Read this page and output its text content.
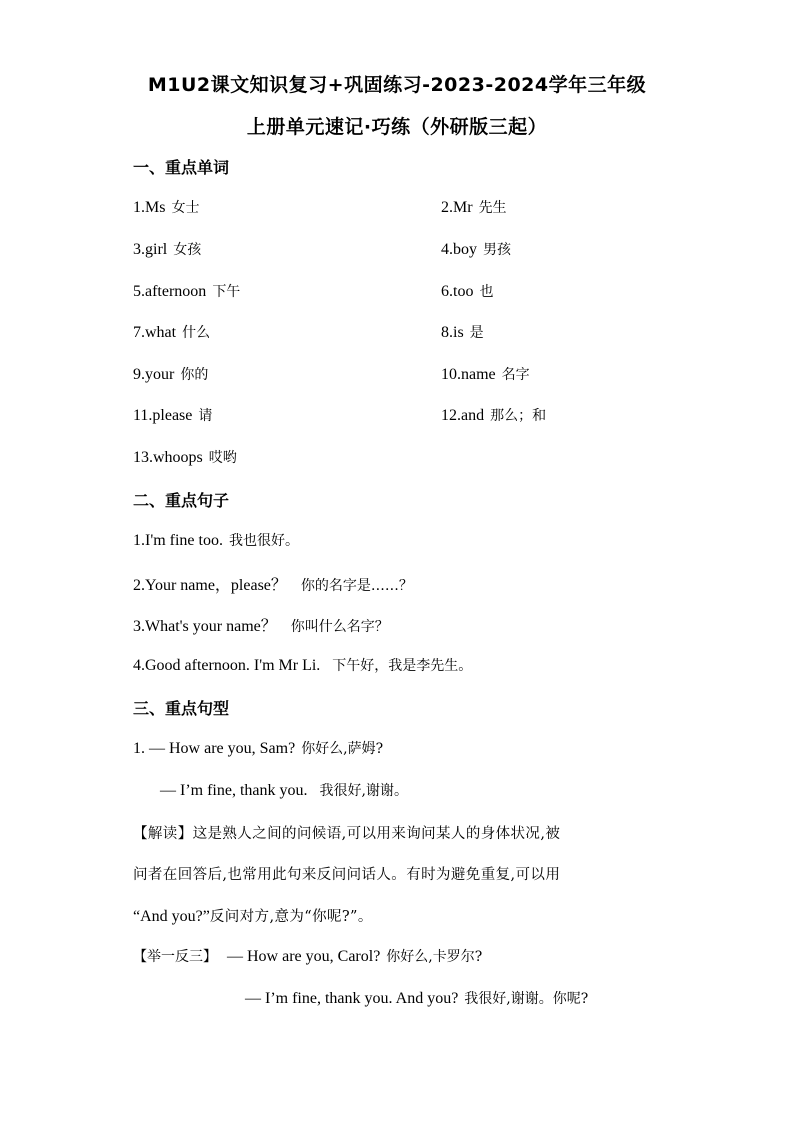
M1U2课文知识复习+巩固练习-2023-2024学年三年级
上册单元速记·巧练（外研版三起）
一、重点单词
1.Ms 女士	2.Mr 先生
3.girl 女孩	4.boy 男孩
5.afternoon 下午	6.too 也
7.what 什么	8.is 是
9.your 你的	10.name 名字
11.please 请	12.and 那么；和
13.whoops 哎哟
二、重点句子
1.I'm fine too. 我也很好。
2.Your name，please？ 你的名字是……？
3.What's your name？ 你叫什么名字？
4.Good afternoon. I'm Mr Li. 下午好，我是李先生。
三、重点句型
1. — How are you, Sam? 你好么,萨姆?
— I’m fine, thank you. 我很好,谢谢。
【解读】这是熟人之间的问候语,可以用来询问某人的身体状况,被
问者在回答后,也常用此句来反问问话人。有时为避免重复,可以用
“And you?”反问对方,意为“你呢?”。
【举一反三】 — How are you, Carol? 你好么,卡罗尔?
— I’m fine, thank you. And you? 我很好,谢谢。你呢?
